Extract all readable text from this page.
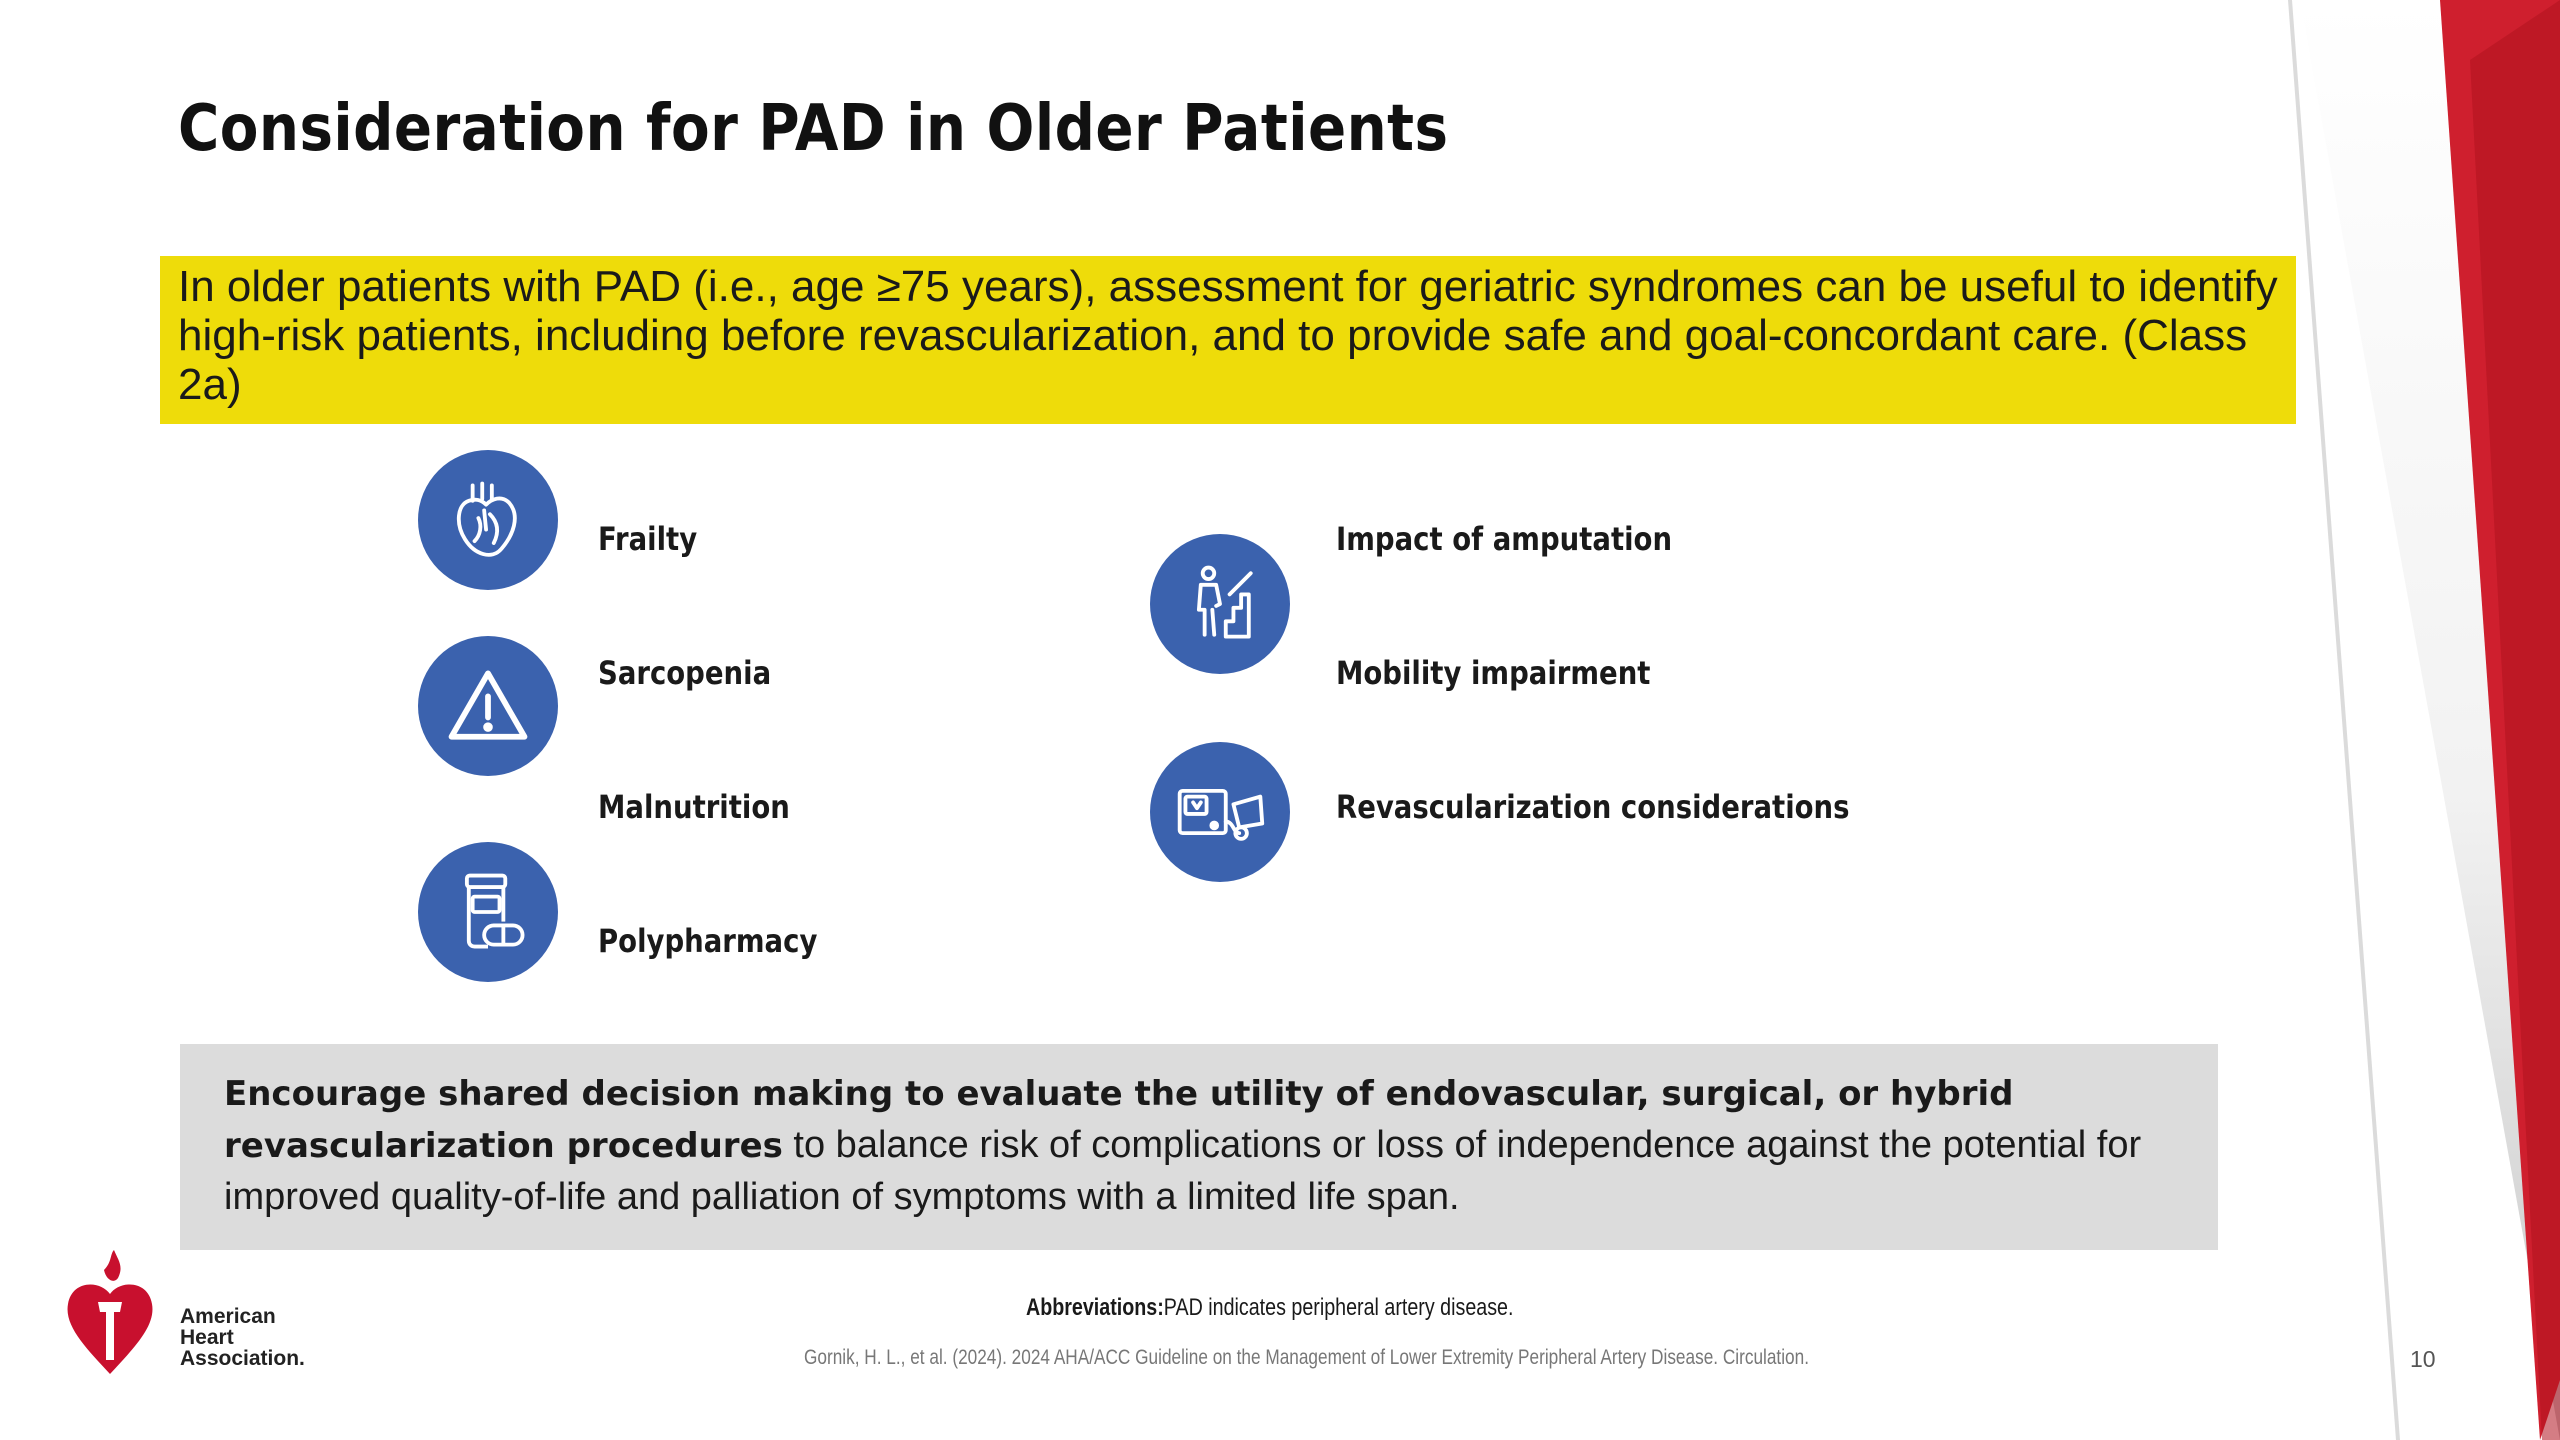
Consideration for PAD in Older Patients
In older patients with PAD (i.e., age ≥75 years), assessment for geriatric syndromes can be useful to identify high-risk patients, including before revascularization, and to provide safe and goal-concordant care. (Class 2a)
Frailty
Sarcopenia
Malnutrition
Polypharmacy
Impact of amputation
Mobility impairment
Revascularization considerations
Encourage shared decision making to evaluate the utility of endovascular, surgical, or hybrid revascularization procedures to balance risk of complications or loss of independence against the potential for improved quality-of-life and palliation of symptoms with a limited life span.
American
Heart
Association.
Abbreviations:PAD indicates peripheral artery disease.
Gornik, H. L., et al. (2024). 2024 AHA/ACC Guideline on the Management of Lower Extremity Peripheral Artery Disease. Circulation.	10
